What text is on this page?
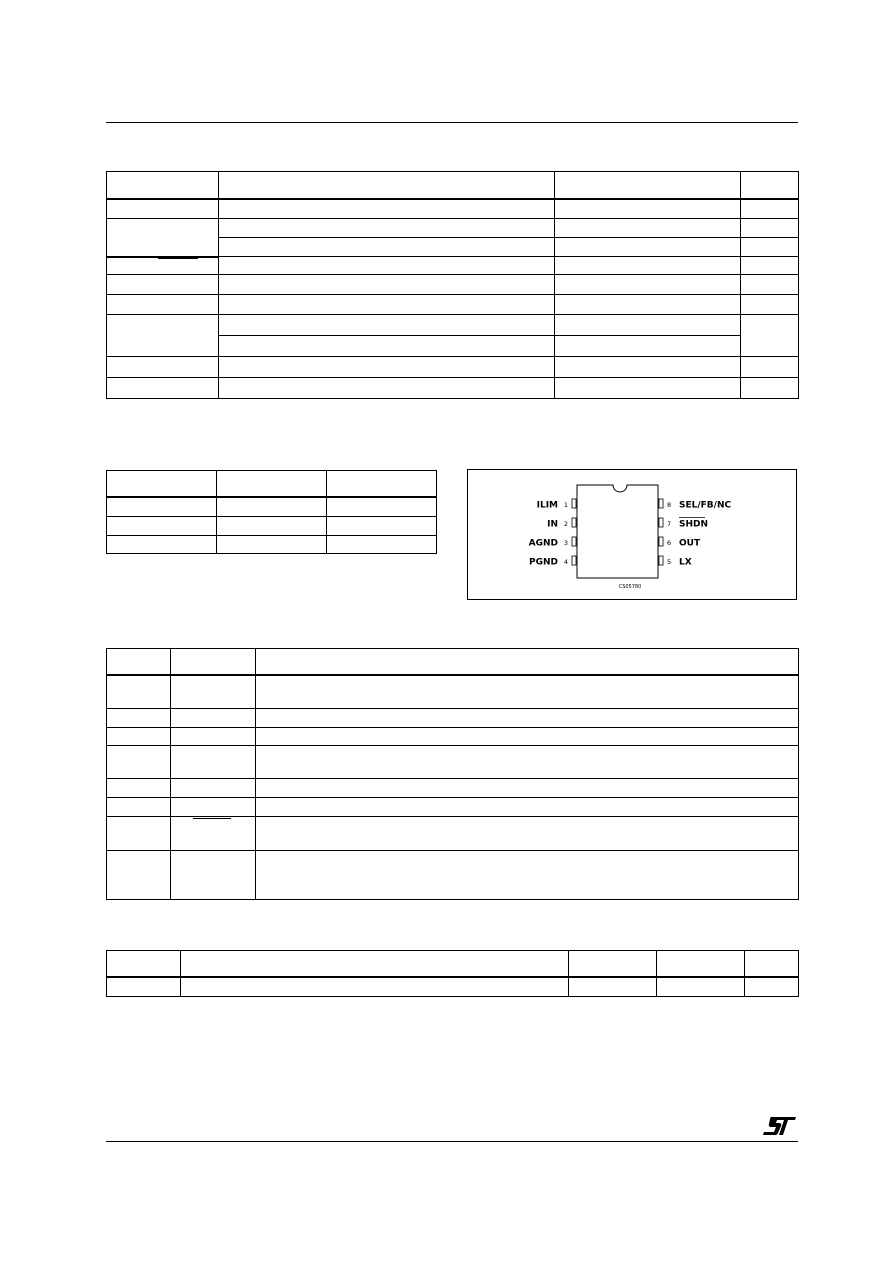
1
ILIM
2
IN
3
AGND
4
PGND
8 SEL/FB/NC
7 SHDN
6 OUT
5 LX
CS05780
